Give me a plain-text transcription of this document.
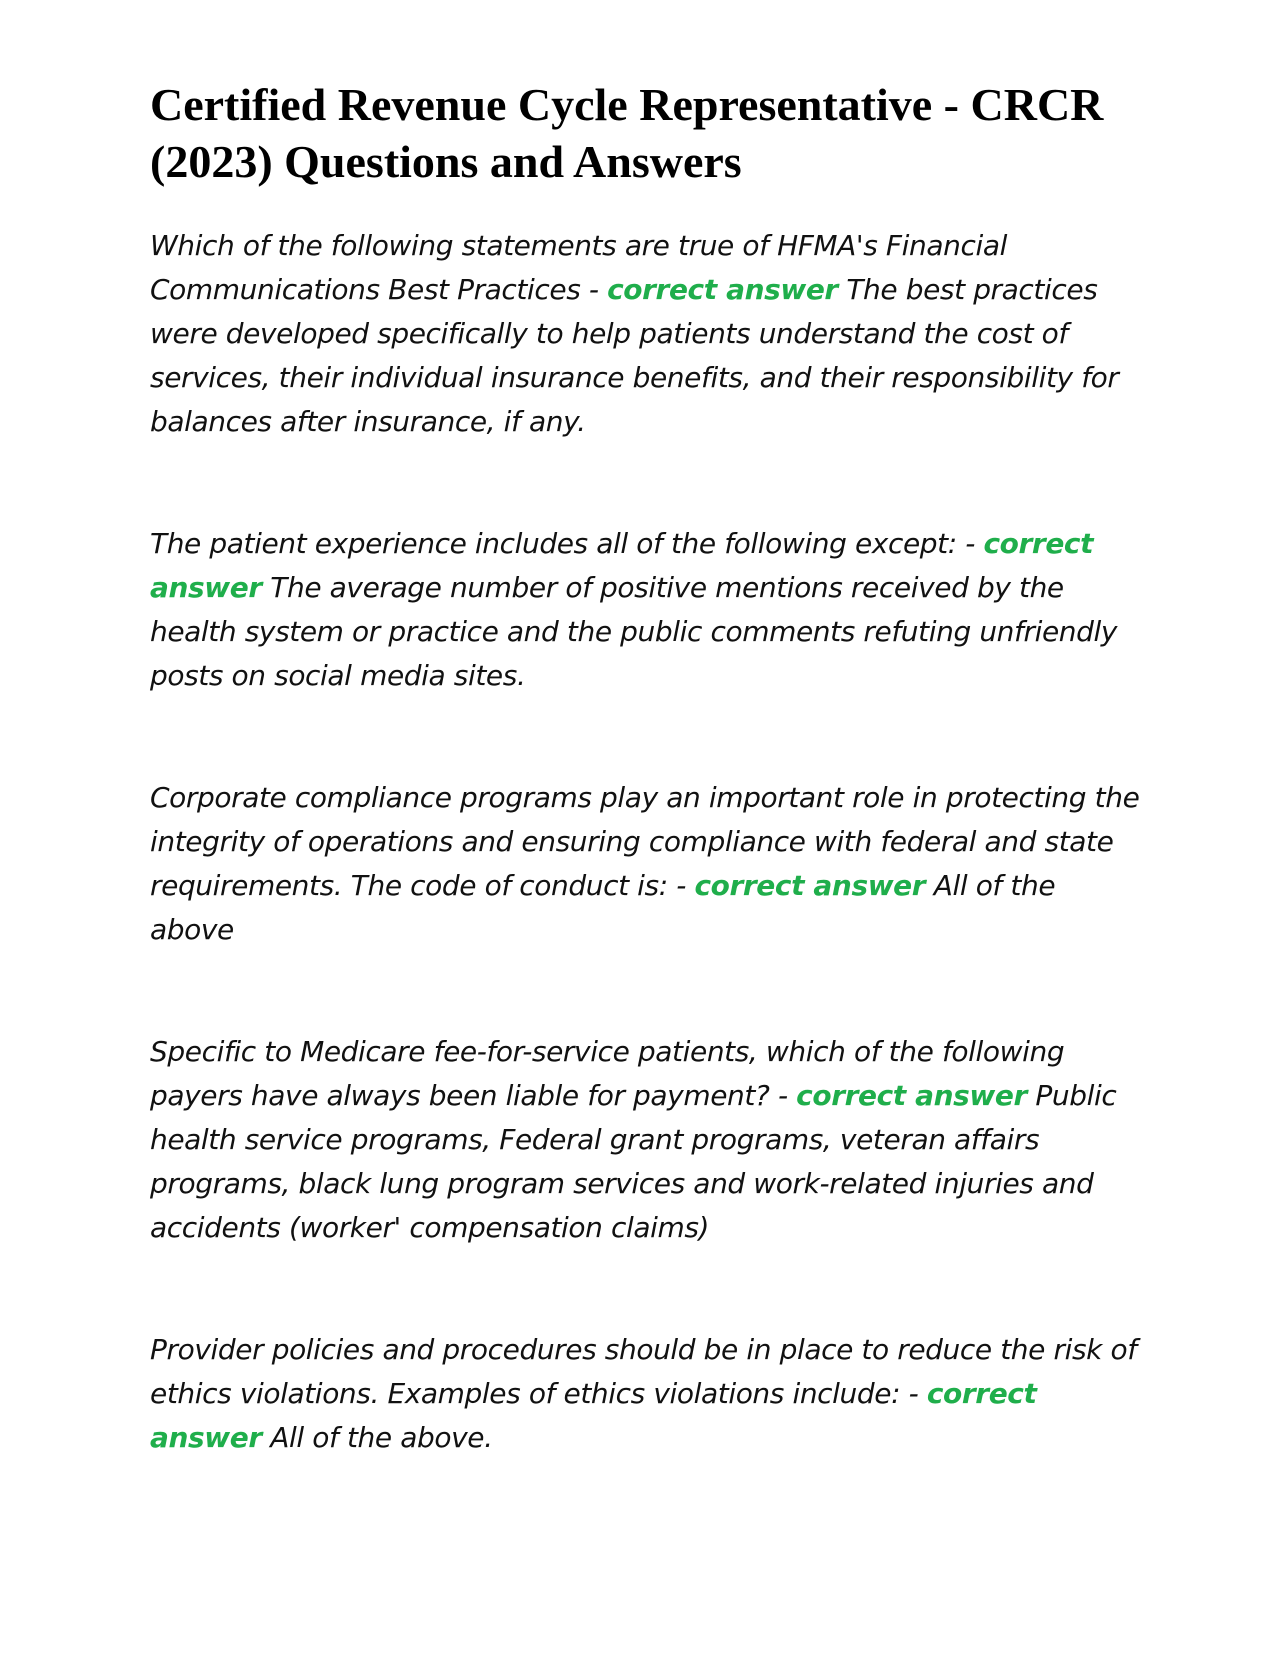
Certified Revenue Cycle Representative - CRCR (2023) Questions and Answers

Which of the following statements are true of HFMA's Financial Communications Best Practices - correct answer The best practices were developed specifically to help patients understand the cost of services, their individual insurance benefits, and their responsibility for balances after insurance, if any.

The patient experience includes all of the following except: - correct answer The average number of positive mentions received by the health system or practice and the public comments refuting unfriendly posts on social media sites.

Corporate compliance programs play an important role in protecting the integrity of operations and ensuring compliance with federal and state requirements. The code of conduct is: - correct answer All of the above

Specific to Medicare fee-for-service patients, which of the following payers have always been liable for payment? - correct answer Public health service programs, Federal grant programs, veteran affairs programs, black lung program services and work-related injuries and accidents (worker' compensation claims)

Provider policies and procedures should be in place to reduce the risk of ethics violations. Examples of ethics violations include: - correct answer All of the above.
